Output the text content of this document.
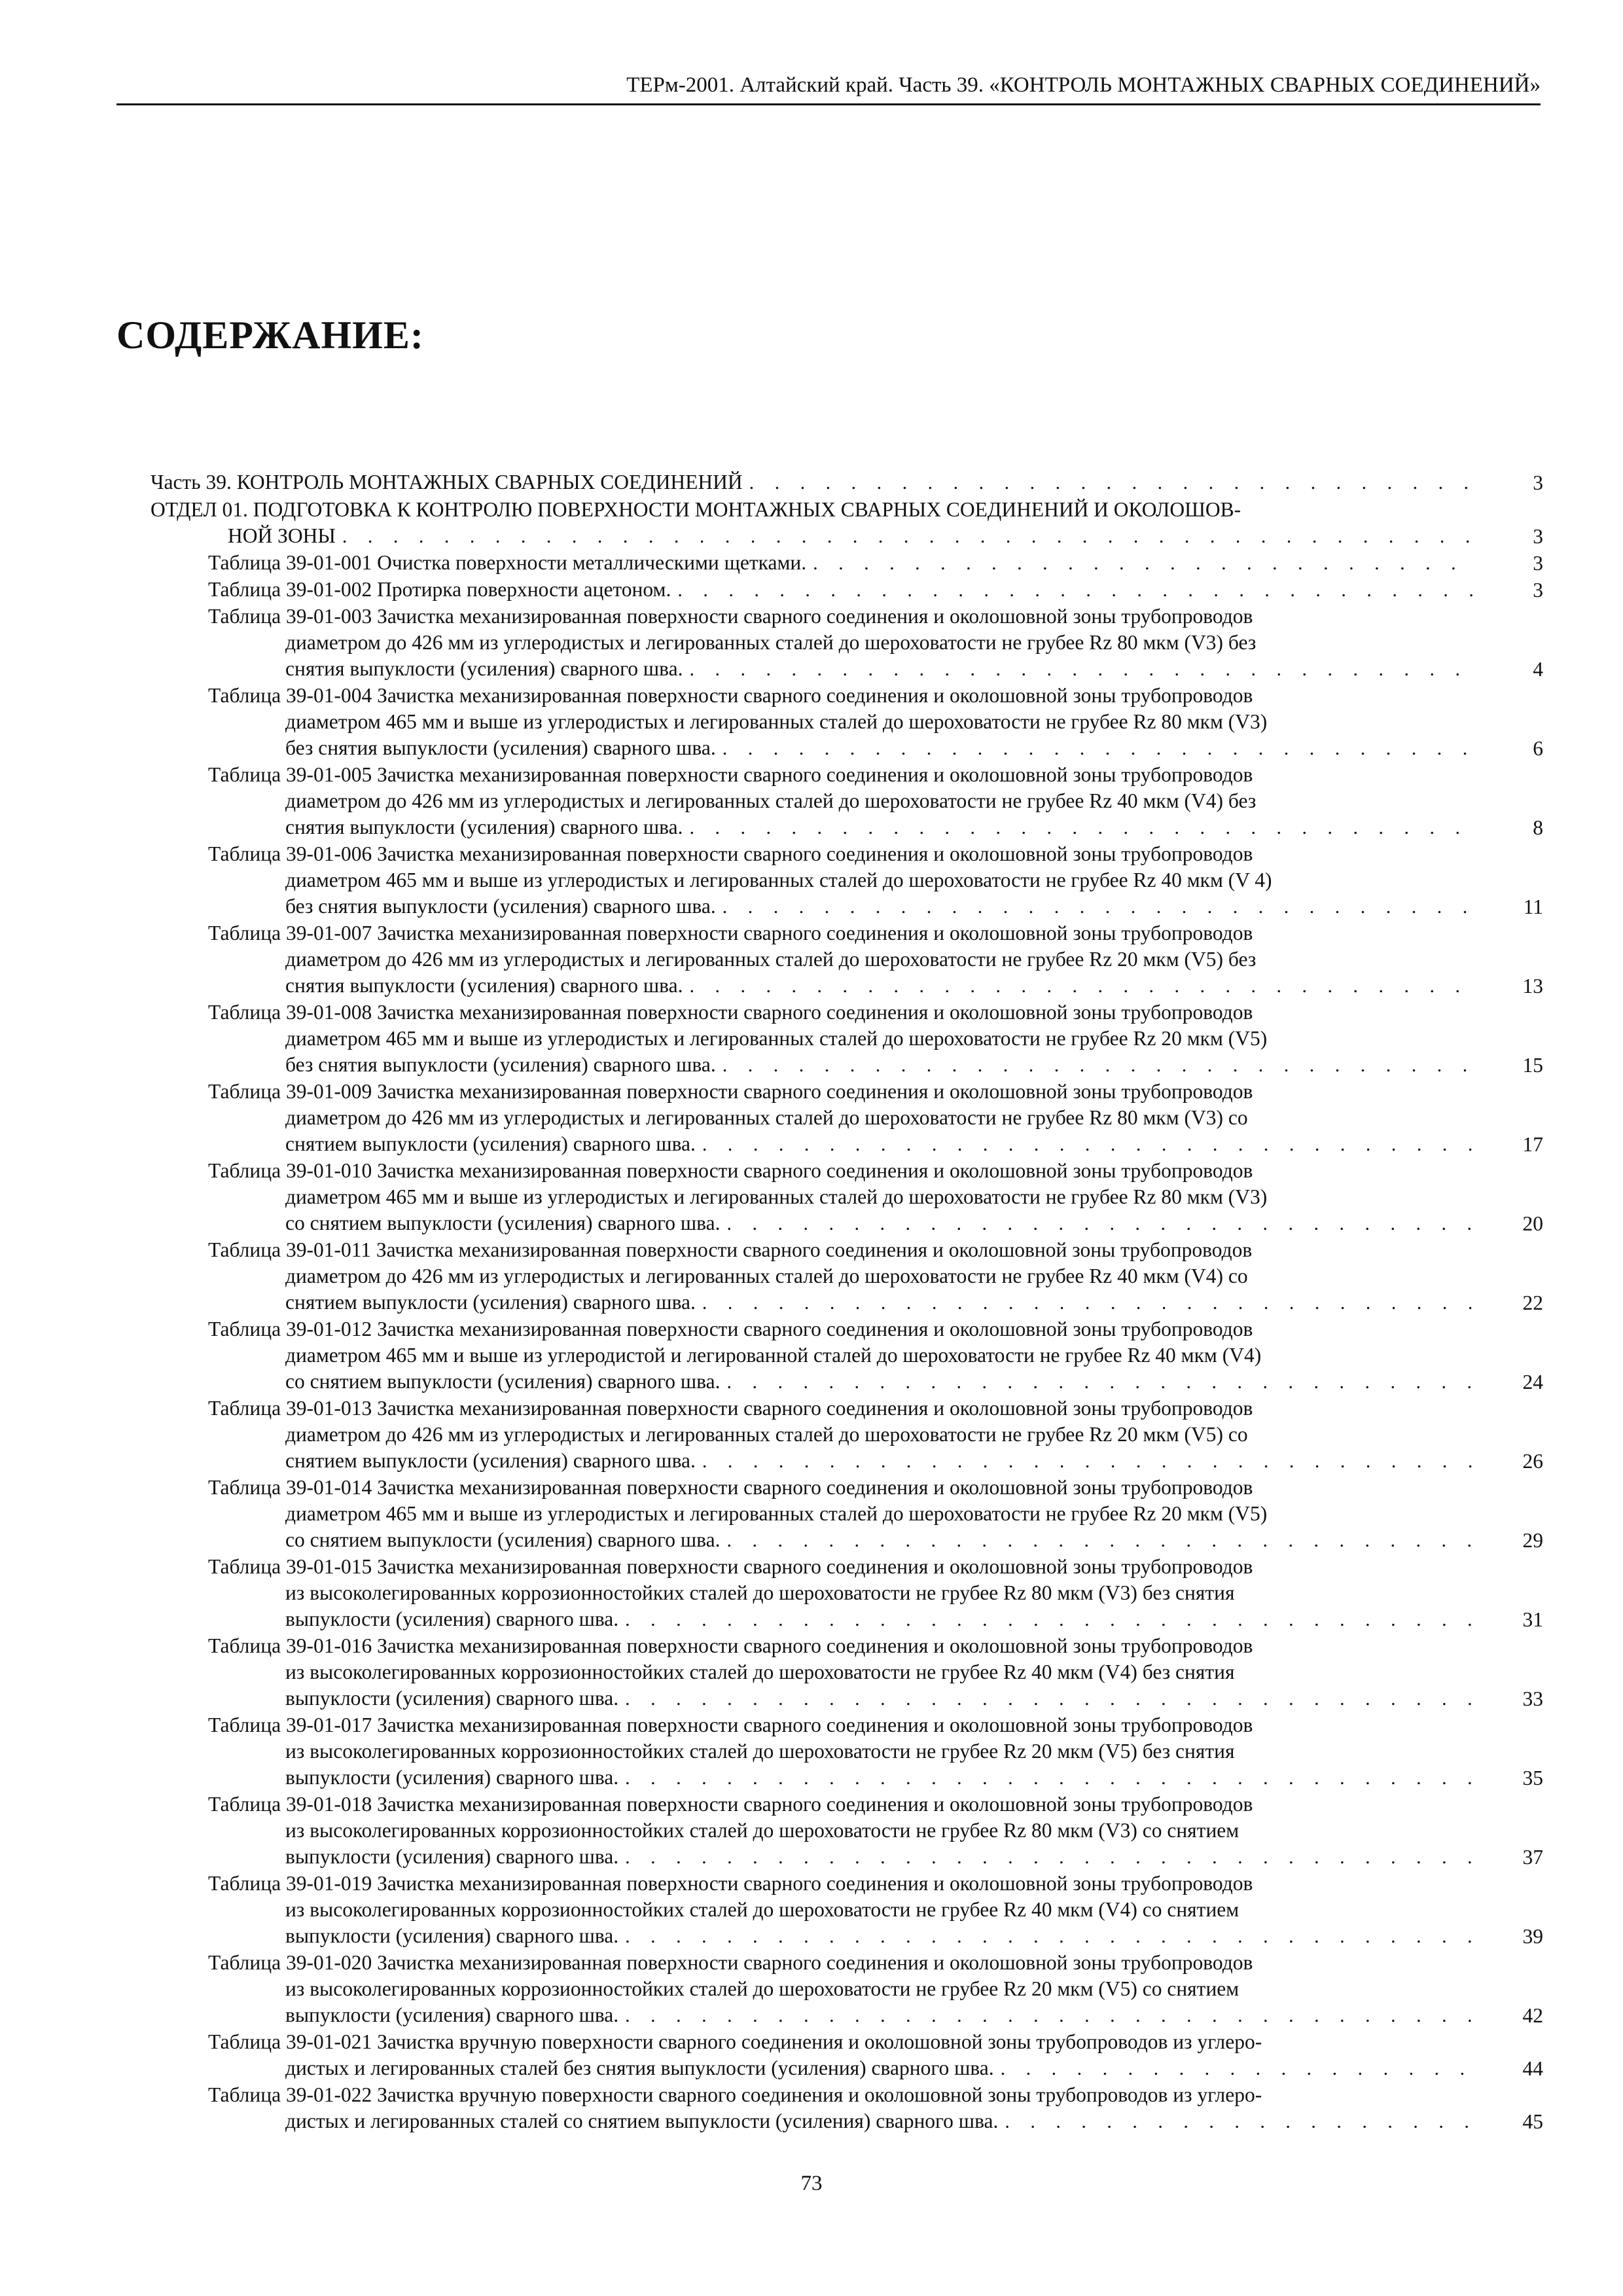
ТЕРм-2001. Алтайский край. Часть 39. «КОНТРОЛЬ МОНТАЖНЫХ СВАРНЫХ СОЕДИНЕНИЙ»
СОДЕРЖАНИЕ:
Часть 39. КОНТРОЛЬ МОНТАЖНЫХ СВАРНЫХ СОЕДИНЕНИЙ . . .	3
ОТДЕЛ 01. ПОДГОТОВКА К КОНТРОЛЮ ПОВЕРХНОСТИ МОНТАЖНЫХ СВАРНЫХ СОЕДИНЕНИЙ И ОКОЛОШОВ-
НОЙ ЗОНЫ . . .	3
Таблица 39-01-001 Очистка поверхности металлическими щетками. . . .	3
Таблица 39-01-002 Протирка поверхности ацетоном. . . .	3
Таблица 39-01-003 Зачистка механизированная поверхности сварного соединения и околошовной зоны трубопроводов
диаметром до 426 мм из углеродистых и легированных сталей до шероховатости не грубее Rz 80 мкм (V3) без
снятия выпуклости (усиления) сварного шва. . . .	4
Таблица 39-01-004 Зачистка механизированная поверхности сварного соединения и околошовной зоны трубопроводов
диаметром 465 мм и выше из углеродистых и легированных сталей до шероховатости не грубее Rz 80 мкм (V3)
без снятия выпуклости (усиления) сварного шва. . . .	6
Таблица 39-01-005 Зачистка механизированная поверхности сварного соединения и околошовной зоны трубопроводов
диаметром до 426 мм из углеродистых и легированных сталей до шероховатости не грубее Rz 40 мкм (V4) без
снятия выпуклости (усиления) сварного шва. . . .	8
Таблица 39-01-006 Зачистка механизированная поверхности сварного соединения и околошовной зоны трубопроводов
диаметром 465 мм и выше из углеродистых и легированных сталей до шероховатости не грубее Rz 40 мкм (V 4)
без снятия выпуклости (усиления) сварного шва. . . .	11
Таблица 39-01-007 Зачистка механизированная поверхности сварного соединения и околошовной зоны трубопроводов
диаметром до 426 мм из углеродистых и легированных сталей до шероховатости не грубее Rz 20 мкм (V5) без
снятия выпуклости (усиления) сварного шва. . . .	13
Таблица 39-01-008 Зачистка механизированная поверхности сварного соединения и околошовной зоны трубопроводов
диаметром 465 мм и выше из углеродистых и легированных сталей до шероховатости не грубее Rz 20 мкм (V5)
без снятия выпуклости (усиления) сварного шва. . . .	15
Таблица 39-01-009 Зачистка механизированная поверхности сварного соединения и околошовной зоны трубопроводов
диаметром до 426 мм из углеродистых и легированных сталей до шероховатости не грубее Rz 80 мкм (V3) со
снятием выпуклости (усиления) сварного шва. . . .	17
Таблица 39-01-010 Зачистка механизированная поверхности сварного соединения и околошовной зоны трубопроводов
диаметром 465 мм и выше из углеродистых и легированных сталей до шероховатости не грубее Rz 80 мкм (V3)
со снятием выпуклости (усиления) сварного шва. . . .	20
Таблица 39-01-011 Зачистка механизированная поверхности сварного соединения и околошовной зоны трубопроводов
диаметром до 426 мм из углеродистых и легированных сталей до шероховатости не грубее Rz 40 мкм (V4) со
снятием выпуклости (усиления) сварного шва. . . .	22
Таблица 39-01-012 Зачистка механизированная поверхности сварного соединения и околошовной зоны трубопроводов
диаметром 465 мм и выше из углеродистой и легированной сталей до шероховатости не грубее Rz 40 мкм (V4)
со снятием выпуклости (усиления) сварного шва. . . .	24
Таблица 39-01-013 Зачистка механизированная поверхности сварного соединения и околошовной зоны трубопроводов
диаметром до 426 мм из углеродистых и легированных сталей до шероховатости не грубее Rz 20 мкм (V5) со
снятием выпуклости (усиления) сварного шва. . . .	26
Таблица 39-01-014 Зачистка механизированная поверхности сварного соединения и околошовной зоны трубопроводов
диаметром 465 мм и выше из углеродистых и легированных сталей до шероховатости не грубее Rz 20 мкм (V5)
со снятием выпуклости (усиления) сварного шва. . . .	29
Таблица 39-01-015 Зачистка механизированная поверхности сварного соединения и околошовной зоны трубопроводов
из высоколегированных коррозионностойких сталей до шероховатости не грубее Rz 80 мкм (V3) без снятия
выпуклости (усиления) сварного шва. . . .	31
Таблица 39-01-016 Зачистка механизированная поверхности сварного соединения и околошовной зоны трубопроводов
из высоколегированных коррозионностойких сталей до шероховатости не грубее Rz 40 мкм (V4) без снятия
выпуклости (усиления) сварного шва. . . .	33
Таблица 39-01-017 Зачистка механизированная поверхности сварного соединения и околошовной зоны трубопроводов
из высоколегированных коррозионностойких сталей до шероховатости не грубее Rz 20 мкм (V5) без снятия
выпуклости (усиления) сварного шва. . . .	35
Таблица 39-01-018 Зачистка механизированная поверхности сварного соединения и околошовной зоны трубопроводов
из высоколегированных коррозионностойких сталей до шероховатости не грубее Rz 80 мкм (V3) со снятием
выпуклости (усиления) сварного шва. . . .	37
Таблица 39-01-019 Зачистка механизированная поверхности сварного соединения и околошовной зоны трубопроводов
из высоколегированных коррозионностойких сталей до шероховатости не грубее Rz 40 мкм (V4) со снятием
выпуклости (усиления) сварного шва. . . .	39
Таблица 39-01-020 Зачистка механизированная поверхности сварного соединения и околошовной зоны трубопроводов
из высоколегированных коррозионностойких сталей до шероховатости не грубее Rz 20 мкм (V5) со снятием
выпуклости (усиления) сварного шва. . . .	42
Таблица 39-01-021 Зачистка вручную поверхности сварного соединения и околошовной зоны трубопроводов из углеро-
дистых и легированных сталей без снятия выпуклости (усиления) сварного шва. . . .	44
Таблица 39-01-022 Зачистка вручную поверхности сварного соединения и околошовной зоны трубопроводов из углеро-
дистых и легированных сталей со снятием выпуклости (усиления) сварного шва. . . .	45
73
